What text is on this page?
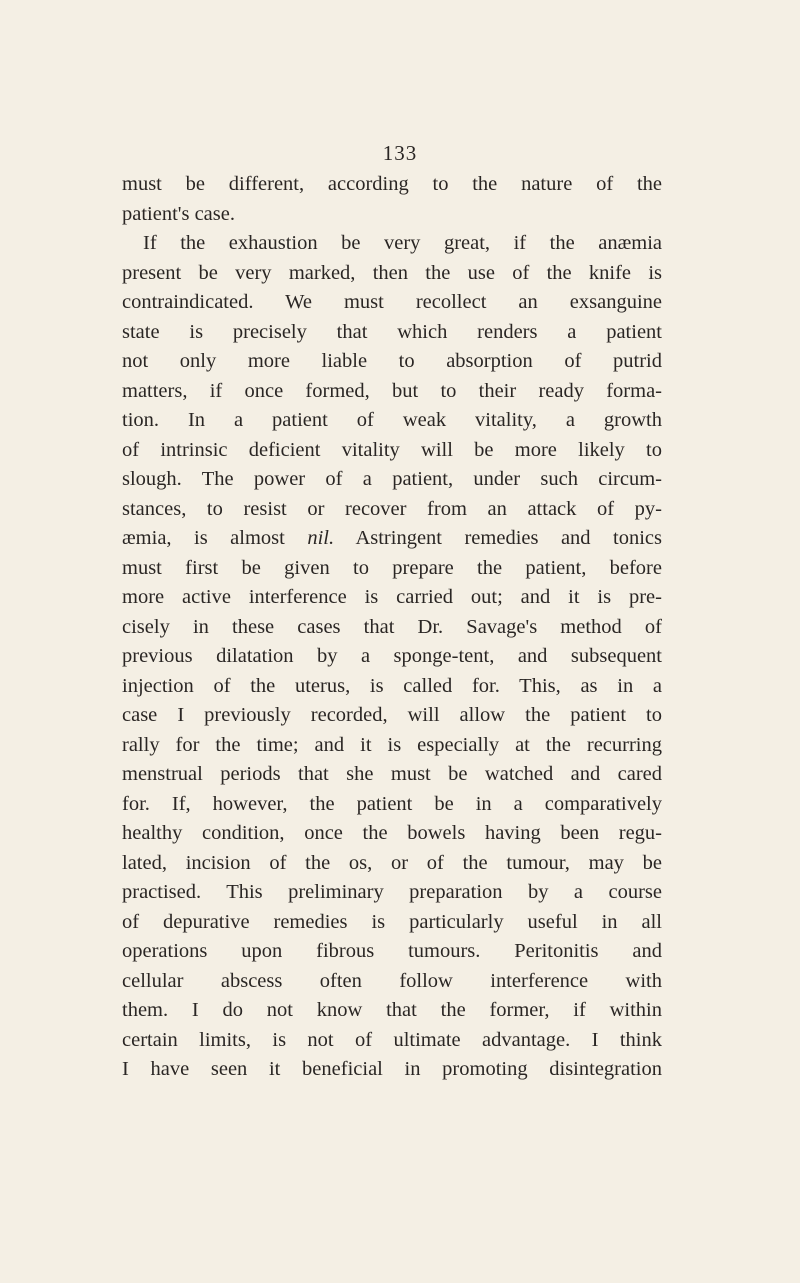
133

must be different, according to the nature of the
patient's case.

If the exhaustion be very great, if the anæmia
present be very marked, then the use of the knife is
contraindicated. We must recollect an exsanguine
state is precisely that which renders a patient
not only more liable to absorption of putrid
matters, if once formed, but to their ready forma-
tion. In a patient of weak vitality, a growth
of intrinsic deficient vitality will be more likely to
slough. The power of a patient, under such circum-
stances, to resist or recover from an attack of py-
æmia, is almost nil. Astringent remedies and tonics
must first be given to prepare the patient, before
more active interference is carried out; and it is pre-
cisely in these cases that Dr. Savage's method of
previous dilatation by a sponge-tent, and subsequent
injection of the uterus, is called for. This, as in a
case I previously recorded, will allow the patient to
rally for the time; and it is especially at the recurring
menstrual periods that she must be watched and cared
for. If, however, the patient be in a comparatively
healthy condition, once the bowels having been regu-
lated, incision of the os, or of the tumour, may be
practised. This preliminary preparation by a course
of depurative remedies is particularly useful in all
operations upon fibrous tumours. Peritonitis and
cellular abscess often follow interference with
them. I do not know that the former, if within
certain limits, is not of ultimate advantage. I think
I have seen it beneficial in promoting disintegration
